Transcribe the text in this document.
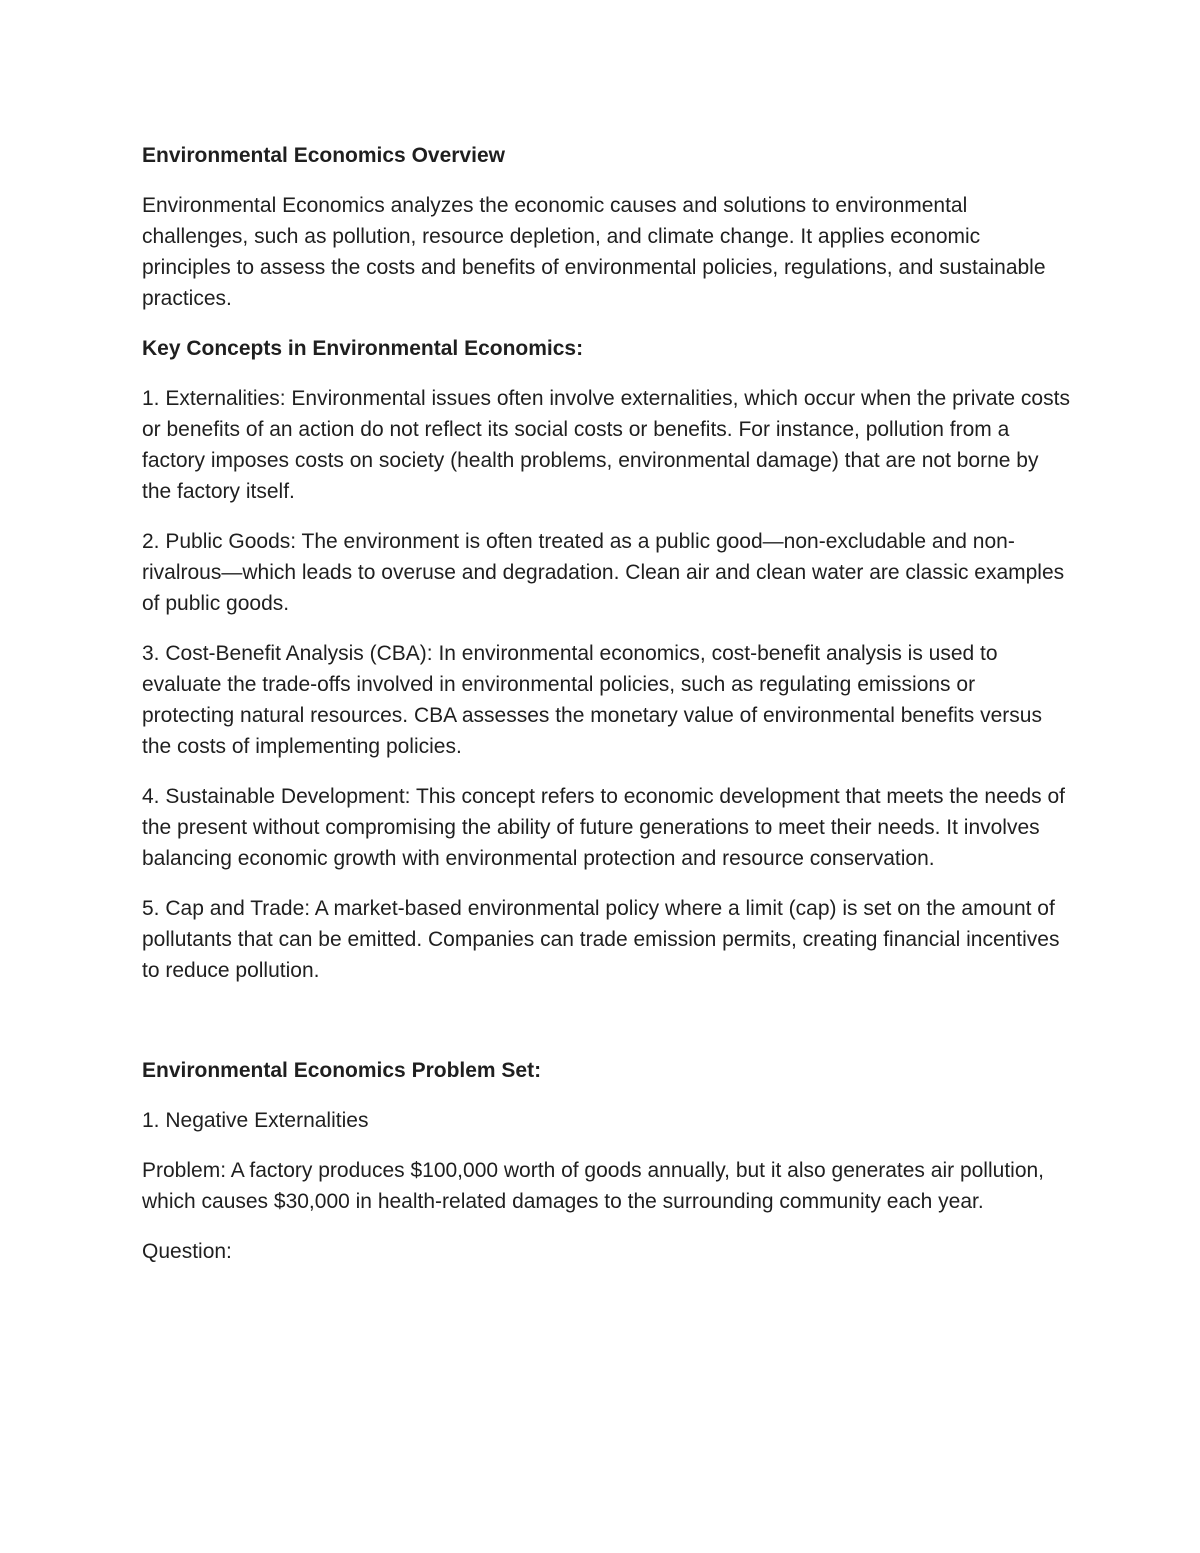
Environmental Economics Overview

Environmental Economics analyzes the economic causes and solutions to environmental challenges, such as pollution, resource depletion, and climate change. It applies economic principles to assess the costs and benefits of environmental policies, regulations, and sustainable practices.

Key Concepts in Environmental Economics:

1. Externalities: Environmental issues often involve externalities, which occur when the private costs or benefits of an action do not reflect its social costs or benefits. For instance, pollution from a factory imposes costs on society (health problems, environmental damage) that are not borne by the factory itself.

2. Public Goods: The environment is often treated as a public good—non-excludable and non-rivalrous—which leads to overuse and degradation. Clean air and clean water are classic examples of public goods.

3. Cost-Benefit Analysis (CBA): In environmental economics, cost-benefit analysis is used to evaluate the trade-offs involved in environmental policies, such as regulating emissions or protecting natural resources. CBA assesses the monetary value of environmental benefits versus the costs of implementing policies.

4. Sustainable Development: This concept refers to economic development that meets the needs of the present without compromising the ability of future generations to meet their needs. It involves balancing economic growth with environmental protection and resource conservation.

5. Cap and Trade: A market-based environmental policy where a limit (cap) is set on the amount of pollutants that can be emitted. Companies can trade emission permits, creating financial incentives to reduce pollution.

Environmental Economics Problem Set:

1. Negative Externalities

Problem: A factory produces $100,000 worth of goods annually, but it also generates air pollution, which causes $30,000 in health-related damages to the surrounding community each year.

Question:
